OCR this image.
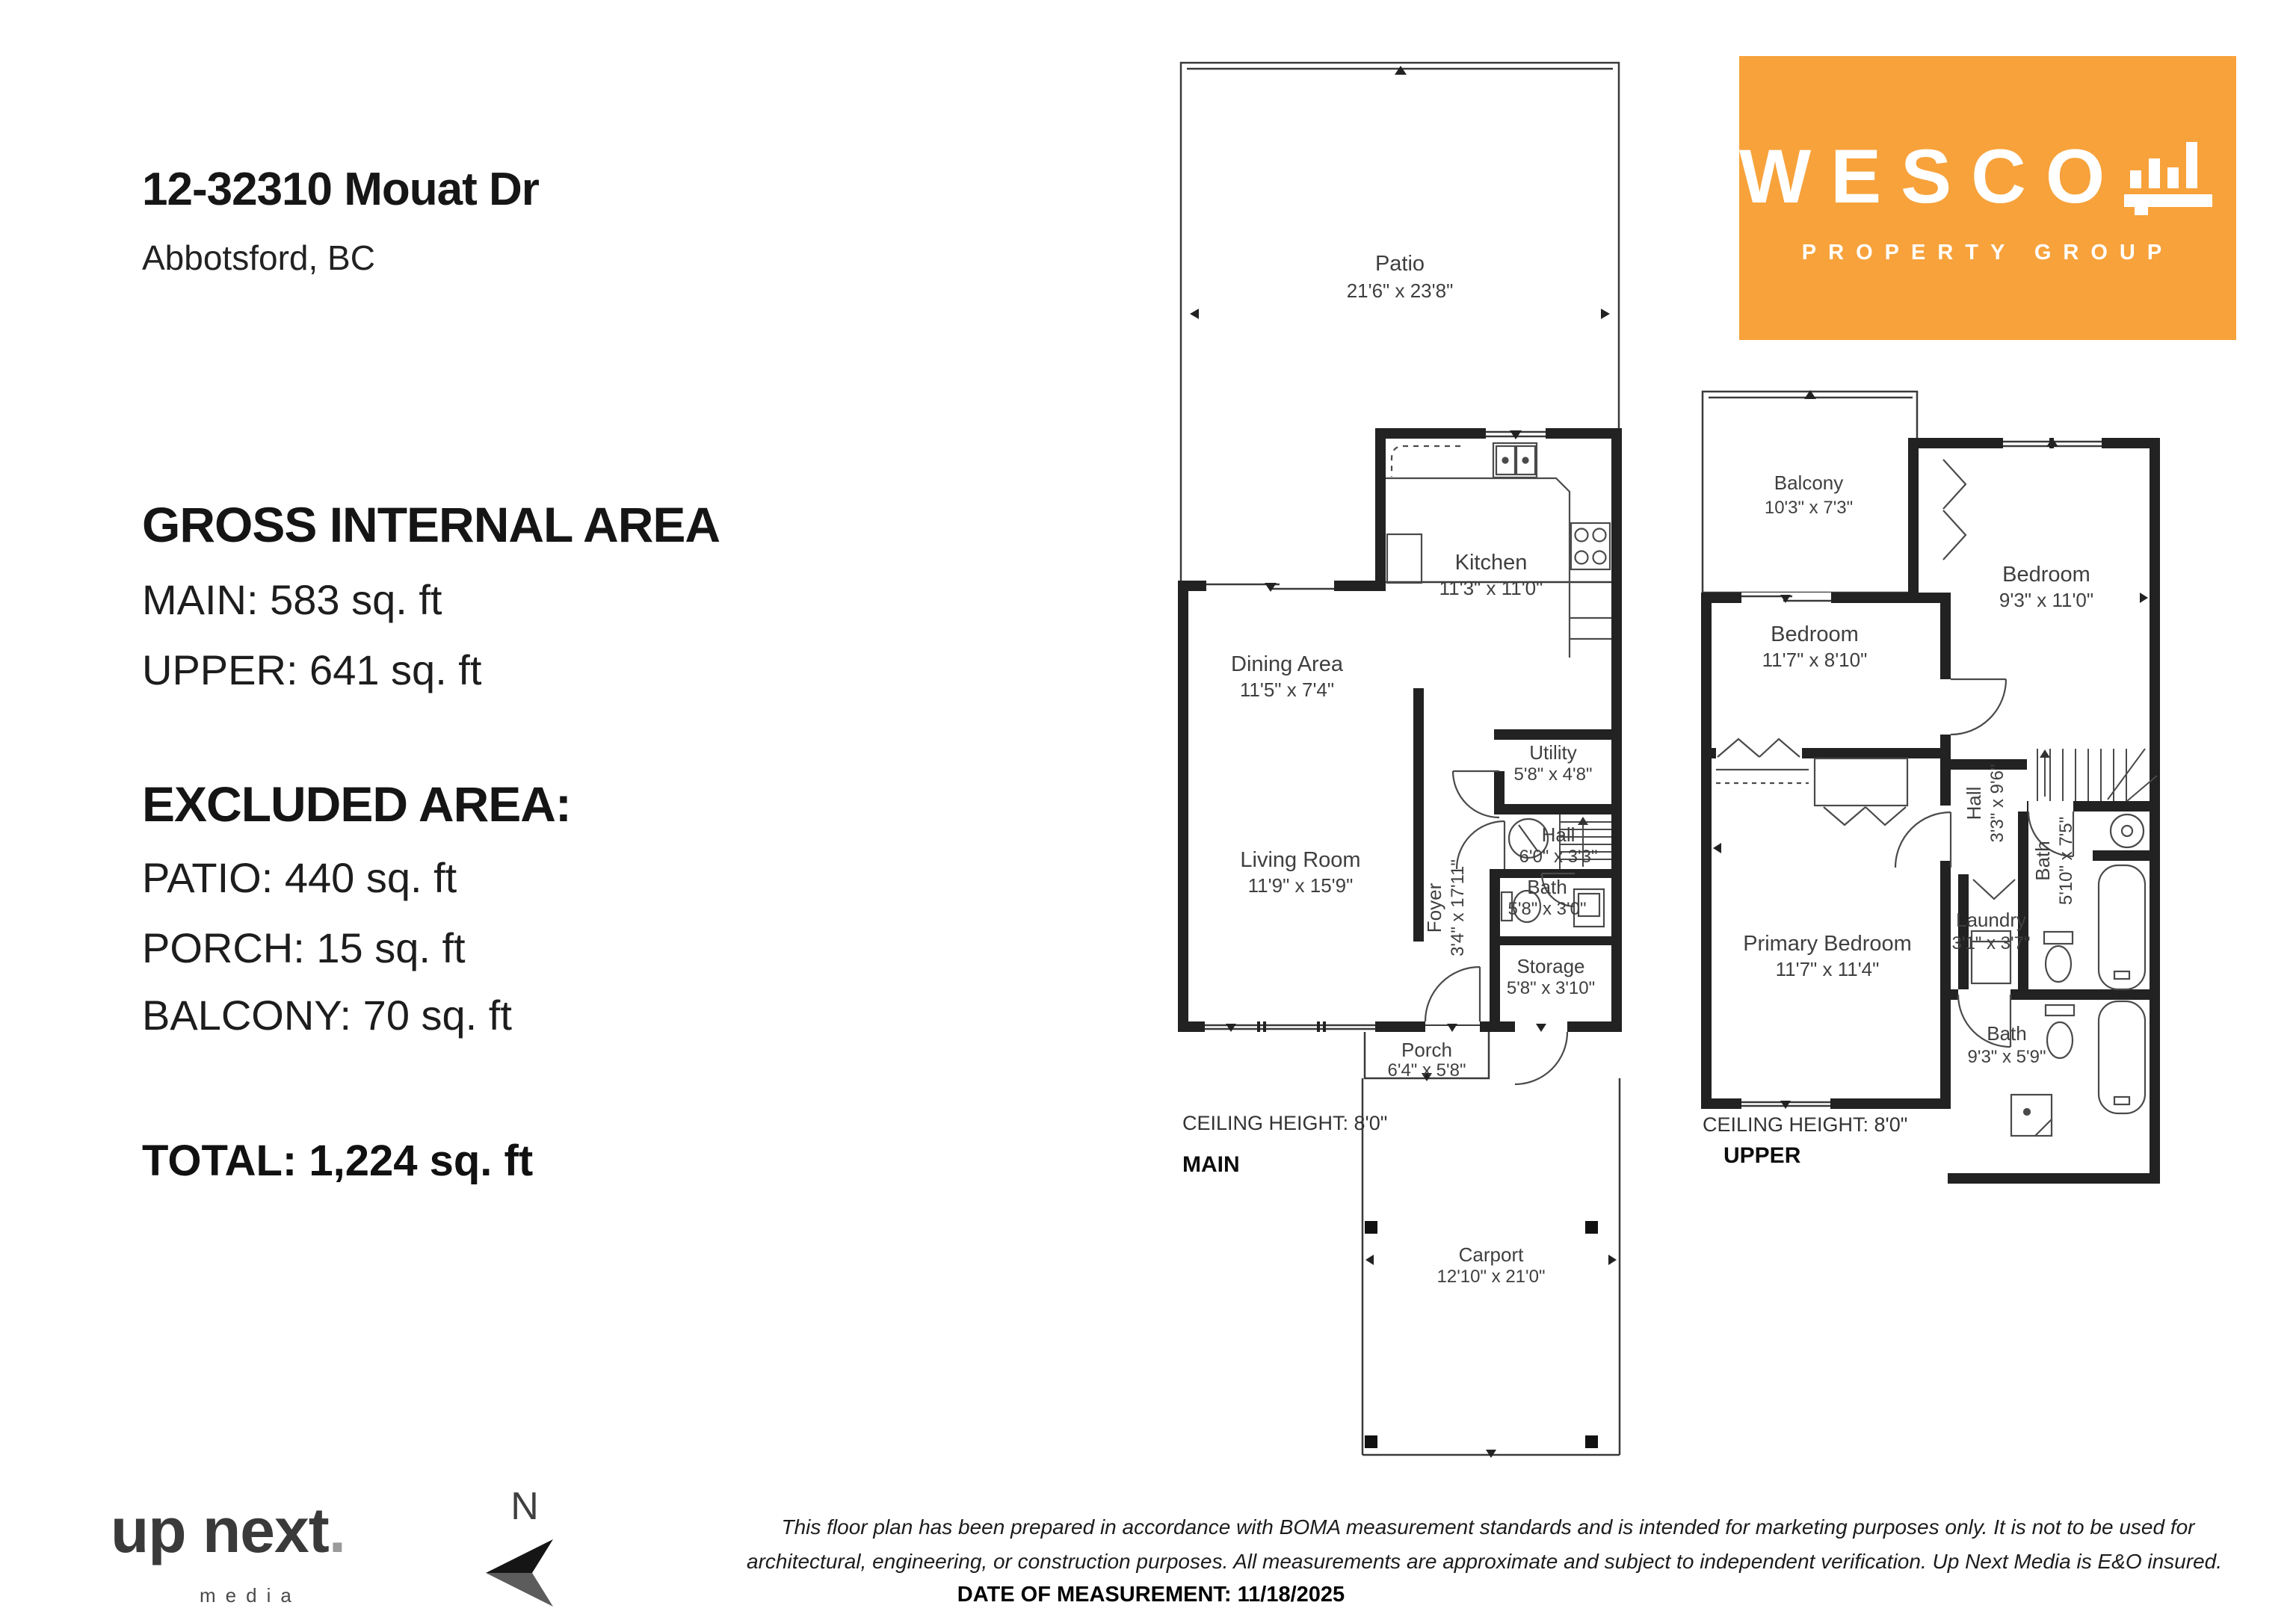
12-32310 Mouat Dr
Abbotsford, BC
GROSS INTERNAL AREA
MAIN: 583 sq. ft
UPPER: 641 sq. ft
EXCLUDED AREA:
PATIO: 440 sq. ft
PORCH: 15 sq. ft
BALCONY: 70 sq. ft
TOTAL: 1,224 sq. ft
WESCO
PROPERTY GROUP
Patio
21'6" x 23'8"
Kitchen
11'3" x 11'0"
Dining Area
11'5" x 7'4"
Living Room
11'9" x 15'9"
Utility
5'8" x 4'8"
Hall
6'0" x 3'3"
Foyer 3'4" x 17'11"	Bath
5'8" x 3'0"
Storage
5'8" x 3'10"
Porch
6'4" x 5'8"
Carport
12'10" x 21'0"
CEILING HEIGHT: 8'0"
MAIN
Balcony
10'3" x 7'3"
Bedroom
9'3" x 11'0"
Bedroom
11'7" x 8'10"
Primary Bedroom
11'7" x 11'4"
Hall 3'3" x 9'6"
Laundry
3'1" x 3'7"
Bath 5'10" x 7'5"
Bath
9'3" x 5'9"
CEILING HEIGHT: 8'0"
UPPER
up next.
media
N	This floor plan has been prepared in accordance with BOMA measurement standards and is intended for marketing purposes only. It is not to be used for
architectural, engineering, or construction purposes. All measurements are approximate and subject to independent verification. Up Next Media is E&O insured.
DATE OF MEASUREMENT: 11/18/2025
